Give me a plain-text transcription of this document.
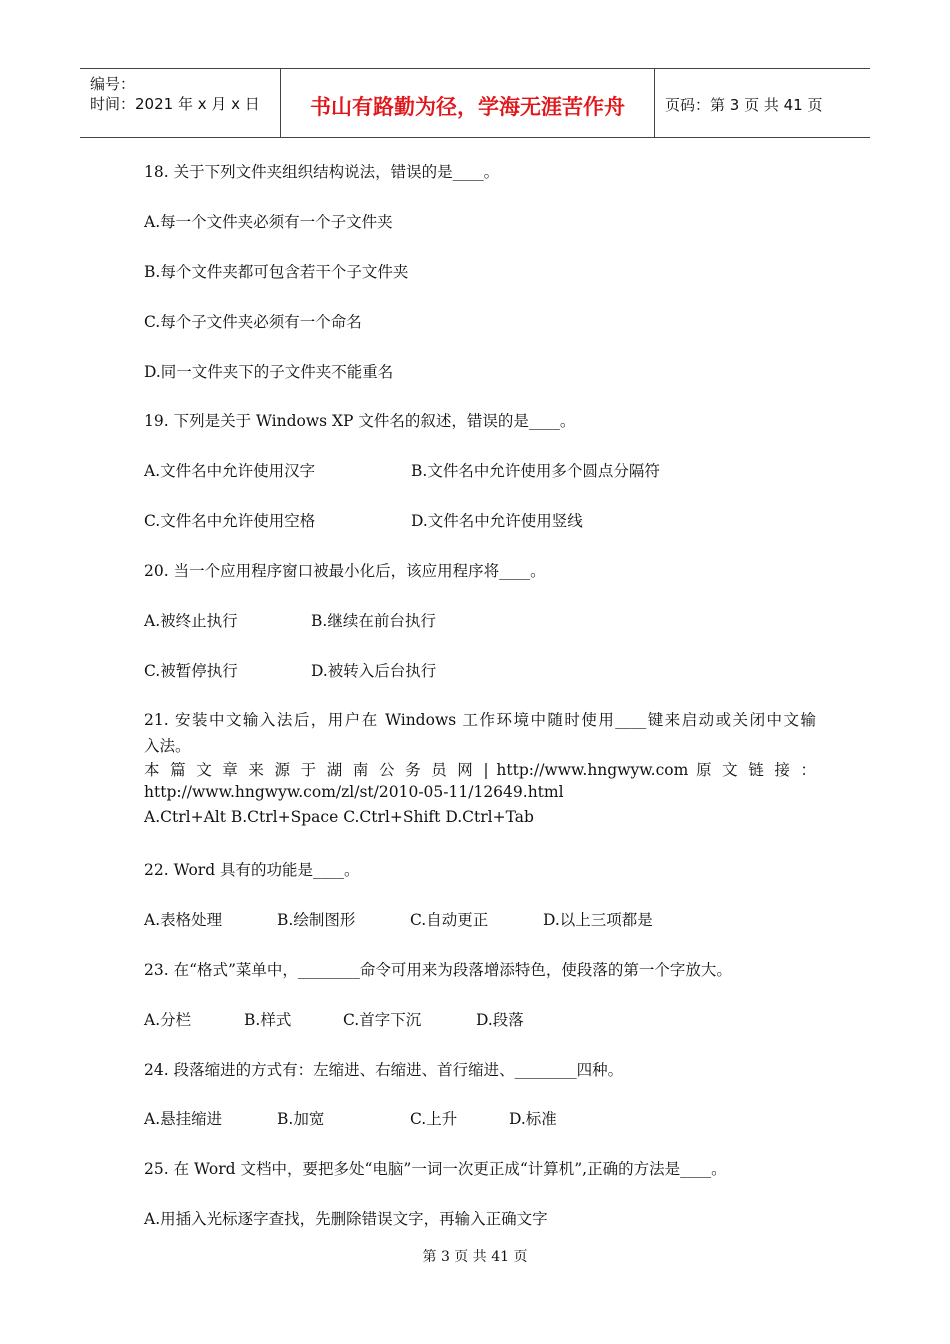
编号：
时间：2021 年 x 月 x 日	书山有路勤为径，学海无涯苦作舟	页码：第 3 页 共 41 页
18. 关于下列文件夹组织结构说法，错误的是____。
A.每一个文件夹必须有一个子文件夹
B.每个文件夹都可包含若干个子文件夹
C.每个子文件夹必须有一个命名
D.同一文件夹下的子文件夹不能重名
19. 下列是关于 Windows XP 文件名的叙述，错误的是____。
A.文件名中允许使用汉字	B.文件名中允许使用多个圆点分隔符
C.文件名中允许使用空格	D.文件名中允许使用竖线
20. 当一个应用程序窗口被最小化后，该应用程序将____。
A.被终止执行	B.继续在前台执行
C.被暂停执行	D.被转入后台执行
21. 安装中文输入法后，用户在 Windows 工作环境中随时使用____键来启动或关闭中文输
入法。
本 篇 文 章 来 源 于 湖 南 公 务 员 网 | http://www.hngwyw.com 原 文 链 接 ：
http://www.hngwyw.com/zl/st/2010-05-11/12649.html
A.Ctrl+Alt B.Ctrl+Space C.Ctrl+Shift D.Ctrl+Tab
22. Word 具有的功能是____。
A.表格处理	B.绘制图形	C.自动更正	D.以上三项都是
23. 在“格式”菜单中，________命令可用来为段落增添特色，使段落的第一个字放大。
A.分栏	B.样式	C.首字下沉	D.段落
24. 段落缩进的方式有：左缩进、右缩进、首行缩进、________四种。
A.悬挂缩进	B.加宽	C.上升	D.标准
25. 在 Word 文档中，要把多处“电脑”一词一次更正成“计算机”,正确的方法是____。
A.用插入光标逐字查找，先删除错误文字，再输入正确文字
第 3 页 共 41 页
